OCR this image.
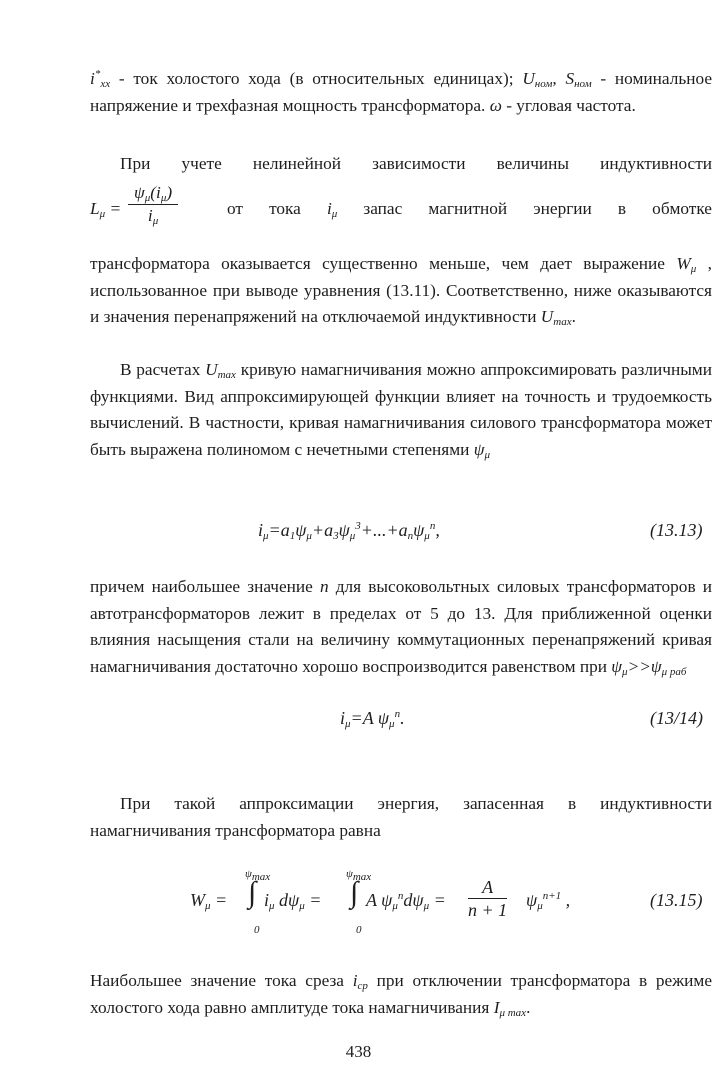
$i^*_{xx}$ - ток холостого хода (в относительных единицах); $U_{ном}$, $S_{ном}$ - номинальное напряжение и трехфазная мощность трансформатора. ω - угловая частота.

При учете нелинейной зависимости величины индуктивности

$L_\mu = \frac{\psi_\mu(i_\mu)}{i_\mu}$	от тока $i_\mu$ запас магнитной энергии в обмотке

трансформатора оказывается существенно меньше, чем дает выражение $W_\mu$ , использованное при выводе уравнения (13.11). Соответственно, ниже оказываются и значения перенапряжений на отключаемой индуктивности $U_{max}$.

В расчетах $U_{max}$ кривую намагничивания можно аппроксимировать различными функциями. Вид аппроксимирующей функции влияет на точность и трудоемкость вычислений. В частности, кривая намагничивания силового трансформатора может быть выражена полиномом с нечетными степенями $\psi_\mu$

$i_\mu=a_1\psi_\mu+a_3\psi_\mu^3+...+a_n\psi_\mu^n$,	(13.13)

причем наибольшее значение n для высоковольтных силовых трансформаторов и автотрансформаторов лежит в пределах от 5 до 13. Для приближенной оценки влияния насыщения стали на величину коммутационных перенапряжений кривая намагничивания достаточно хорошо воспроизводится равенством при $\psi_\mu>>\psi_{\mu раб}$

$i_\mu=A$ $\psi_\mu^n$.	(13/14)

При такой аппроксимации энергия, запасенная в индуктивности намагничивания трансформатора равна

$W_\mu$ =
$\psi_{max}$
∫
0
$i_\mu$ $d\psi_\mu$ =
$\psi_{max}$
∫
0
A $\psi_\mu^nd\psi_\mu = \frac{A}{n + 1} \psi_\mu^{n+1}$ ,	(13.15)

Наибольшее значение тока среза $i_{ср}$ при отключении трансформатора в режиме холостого хода равно амплитуде тока намагничивания $I_{\mu max}$.

438
